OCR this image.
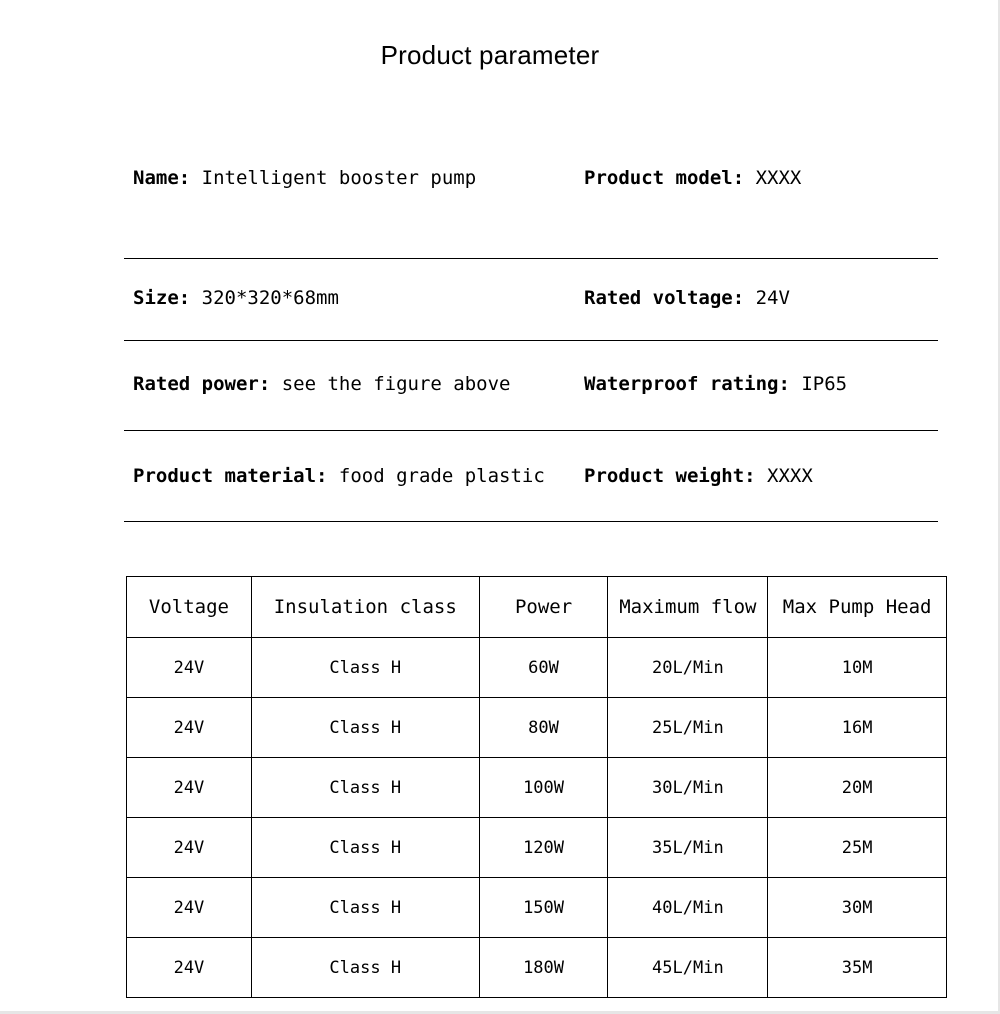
Product parameter
Name: Intelligent booster pump	Product model: XXXX
Size: 320*320*68mm	Rated voltage: 24V
Rated power: see the figure above	Waterproof rating: IP65
Product material: food grade plastic Product weight: XXXX
Voltage	Insulation class	Power	Maximum flow	Max Pump Head
24V	Class H	60W	20L/Min	10M
24V	Class H	80W	25L/Min	16M
24V	Class H	100W	30L/Min	20M
24V	Class H	120W	35L/Min	25M
24V	Class H	150W	40L/Min	30M
24V	Class H	180W	45L/Min	35M
